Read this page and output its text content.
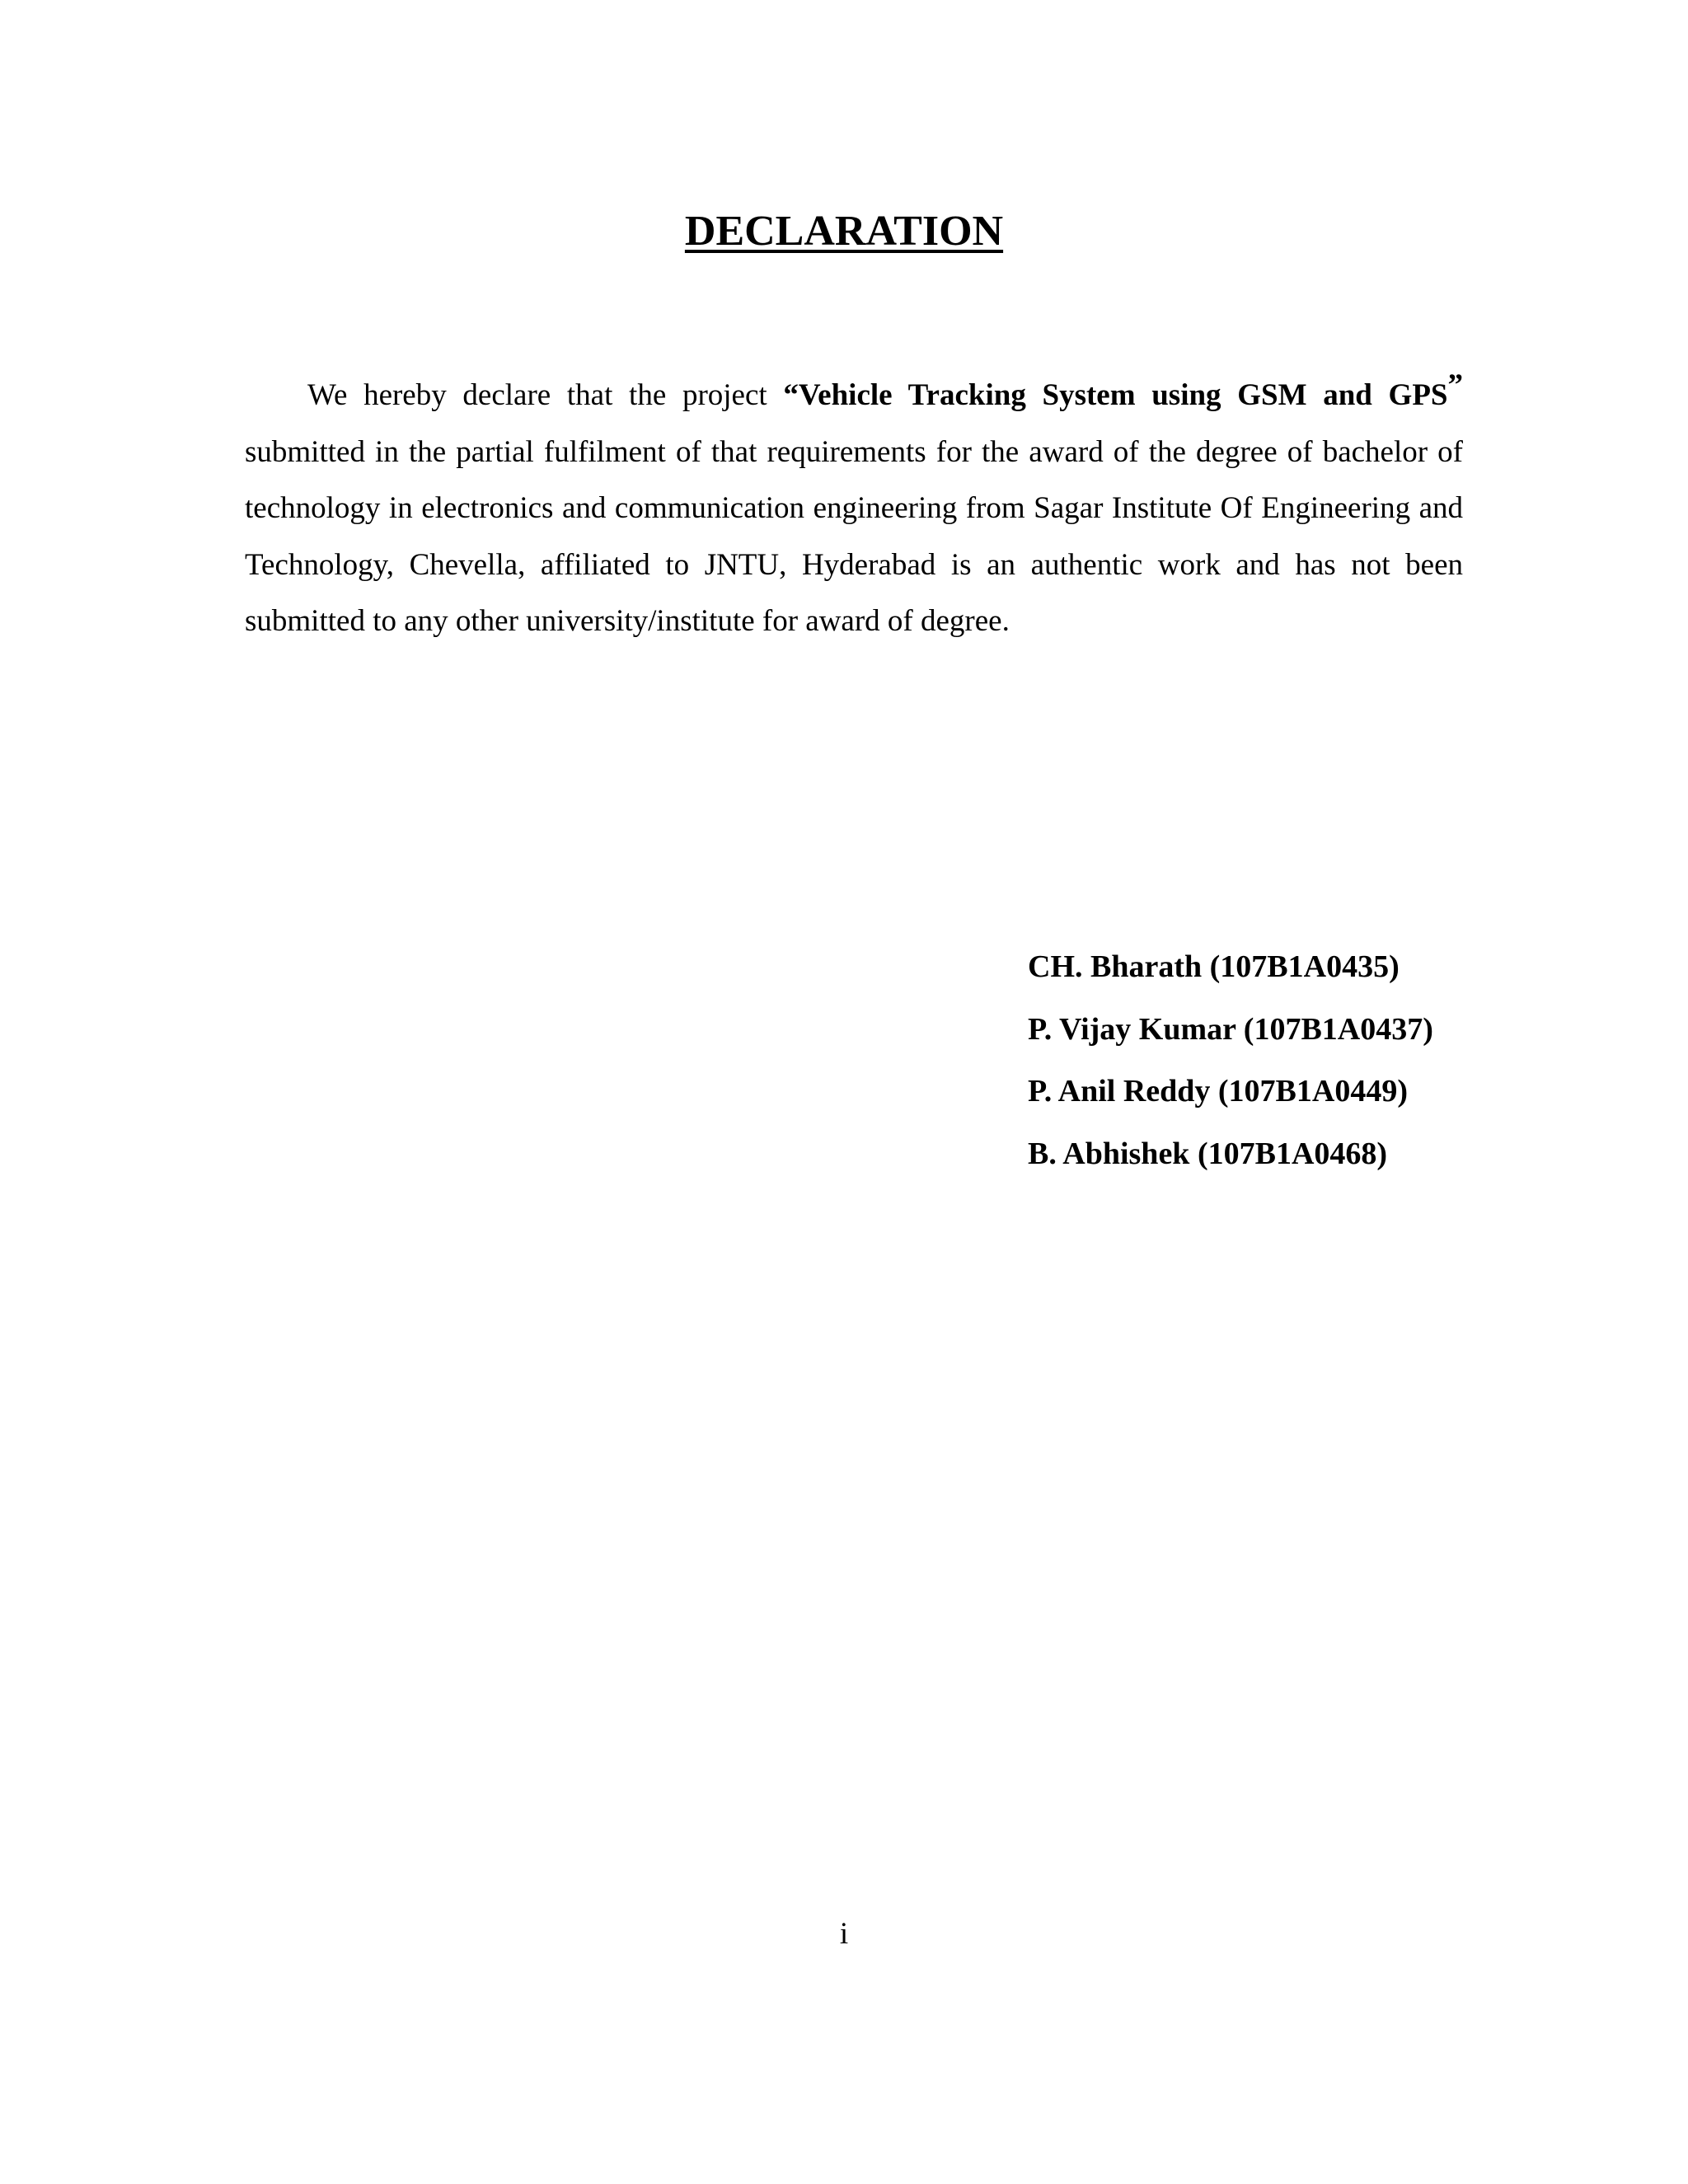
DECLARATION

We hereby declare that the project “Vehicle Tracking System using GSM and GPS” submitted in the partial fulfilment of that requirements for the award of the degree of bachelor of technology in electronics and communication engineering from Sagar Institute Of Engineering and Technology, Chevella, affiliated to JNTU, Hyderabad is an authentic work and has not been submitted to any other university/institute for award of degree.

CH. Bharath (107B1A0435)
P. Vijay Kumar (107B1A0437)
P. Anil Reddy (107B1A0449)
B. Abhishek (107B1A0468)

i
